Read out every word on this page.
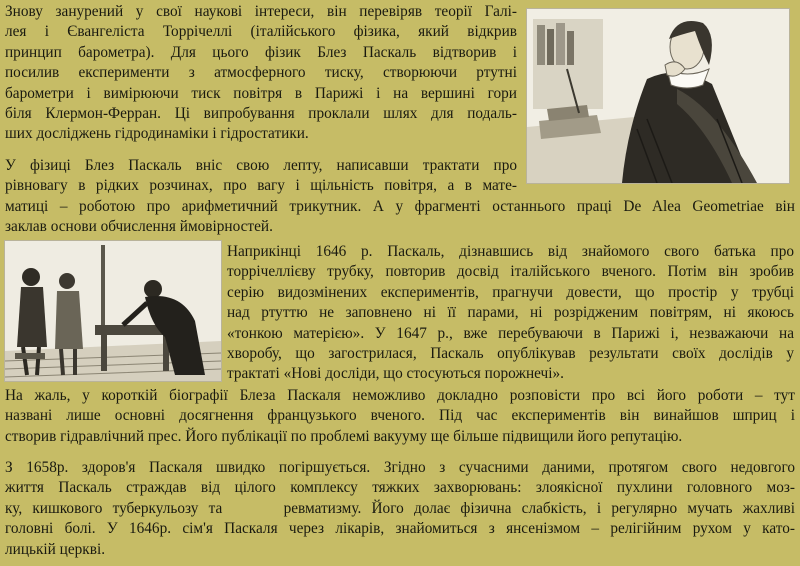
Знову занурений у свої наукові інтереси, він перевіряв теорії Галі-
лея і Євангеліста Торрічеллі (італійського фізика, який відкрив
принцип барометра). Для цього фізик Блез Паскаль відтворив і
посилив експерименти з атмосферного тиску, створюючи ртутні
барометри і вимірюючи тиск повітря в Парижі і на вершині гори
біля Клермон-Ферран. Ці випробування проклали шлях для подаль-
ших досліджень гідродинаміки і гідростатики.

У фізиці Блез Паскаль вніс свою лепту, написавши трактати про
рівновагу в рідких розчинах, про вагу і щільність повітря, а в мате-
матиці – роботою про арифметичний трикутник. А у фрагменті останнього праці De Alea Geometriae він
заклав основи обчислення ймовірностей.

Наприкінці 1646 р. Паскаль, дізнавшись від знайомого свого батька про
торрічеллієву трубку, повторив досвід італійського вченого. Потім він зробив
серію видозмінених експериментів, прагнучи довести, що простір у трубці
над ртуттю не заповнено ні її парами, ні розрідженим повітрям, ні якоюсь
«тонкою матерією». У 1647 р., вже перебуваючи в Парижі і, незважаючи на
хворобу, що загострилася, Паскаль опублікував результати своїх дослідів у
трактаті «Нові досліди, що стосуються порожнечі».

На жаль, у короткій біографії Блеза Паскаля неможливо докладно розповісти про всі його роботи – тут
названі лише основні досягнення французького вченого. Під час експериментів він винайшов шприц і
створив гідравлічний прес. Його публікації по проблемі вакууму ще більше підвищили його репутацію.

З 1658р. здоров'я Паскаля швидко погіршується. Згідно з сучасними даними, протягом свого недовгого
життя Паскаль страждав від цілого комплексу тяжких захворювань: злоякісної пухлини головного моз-
ку, кишкового туберкульозу та      ревматизму. Його долає фізична слабкість, і регулярно мучать жахливі
головні болі. У 1646р. сім'я Паскаля через лікарів, знайомиться з янсенізмом – релігійним рухом у като-
лицькій церкві.
